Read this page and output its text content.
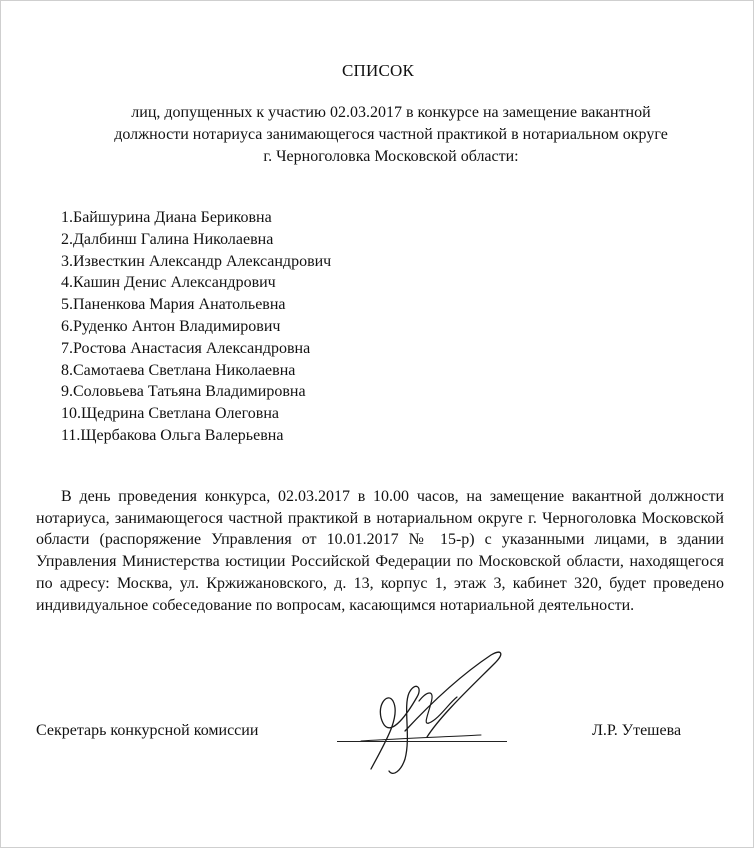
СПИСОК
лиц, допущенных к участию 02.03.2017 в конкурсе на замещение вакантной
должности нотариуса занимающегося частной практикой в нотариальном округе
г. Черноголовка Московской области:
1.Байшурина Диана Бериковна
2.Далбинш Галина Николаевна
3.Известкин Александр Александрович
4.Кашин Денис Александрович
5.Паненкова Мария Анатольевна
6.Руденко Антон Владимирович
7.Ростова Анастасия Александровна
8.Самотаева Светлана Николаевна
9.Соловьева Татьяна Владимировна
10.Щедрина Светлана Олеговна
11.Щербакова Ольга Валерьевна

В день проведения конкурса, 02.03.2017 в 10.00 часов, на замещение вакантной должности нотариуса, занимающегося частной практикой в нотариальном округе г. Черноголовка Московской области (распоряжение Управления от 10.01.2017 № 15-р) с указанными лицами, в здании Управления Министерства юстиции Российской Федерации по Московской области, находящегося по адресу: Москва, ул. Кржижановского, д. 13, корпус 1, этаж 3, кабинет 320, будет проведено индивидуальное собеседование по вопросам, касающимся нотариальной деятельности.

Секретарь конкурсной комиссии	Л.Р. Утешева
